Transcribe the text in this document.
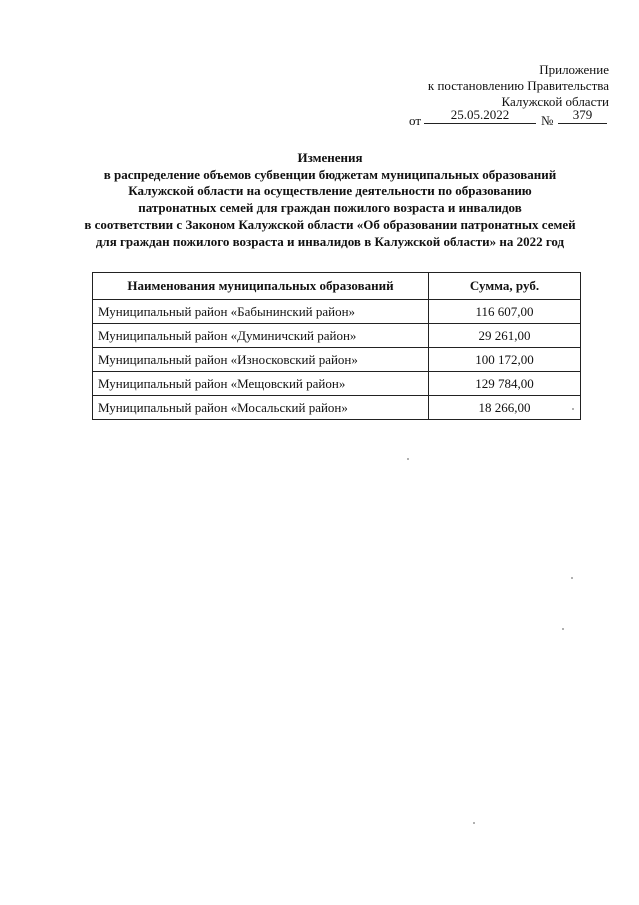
Приложение
к постановлению Правительства
Калужской области
от	25.05.2022	№	379
Изменения
в распределение объемов субвенции бюджетам муниципальных образований
Калужской области на осуществление деятельности по образованию
патронатных семей для граждан пожилого возраста и инвалидов
в соответствии с Законом Калужской области «Об образовании патронатных семей
для граждан пожилого возраста и инвалидов в Калужской области» на 2022 год
Наименования муниципальных образований	Сумма, руб.
Муниципальный район «Бабынинский район»	116 607,00
Муниципальный район «Думиничский район»	29 261,00
Муниципальный район «Износковский район»	100 172,00
Муниципальный район «Мещовский район»	129 784,00
Муниципальный район «Мосальский район»	18 266,00
